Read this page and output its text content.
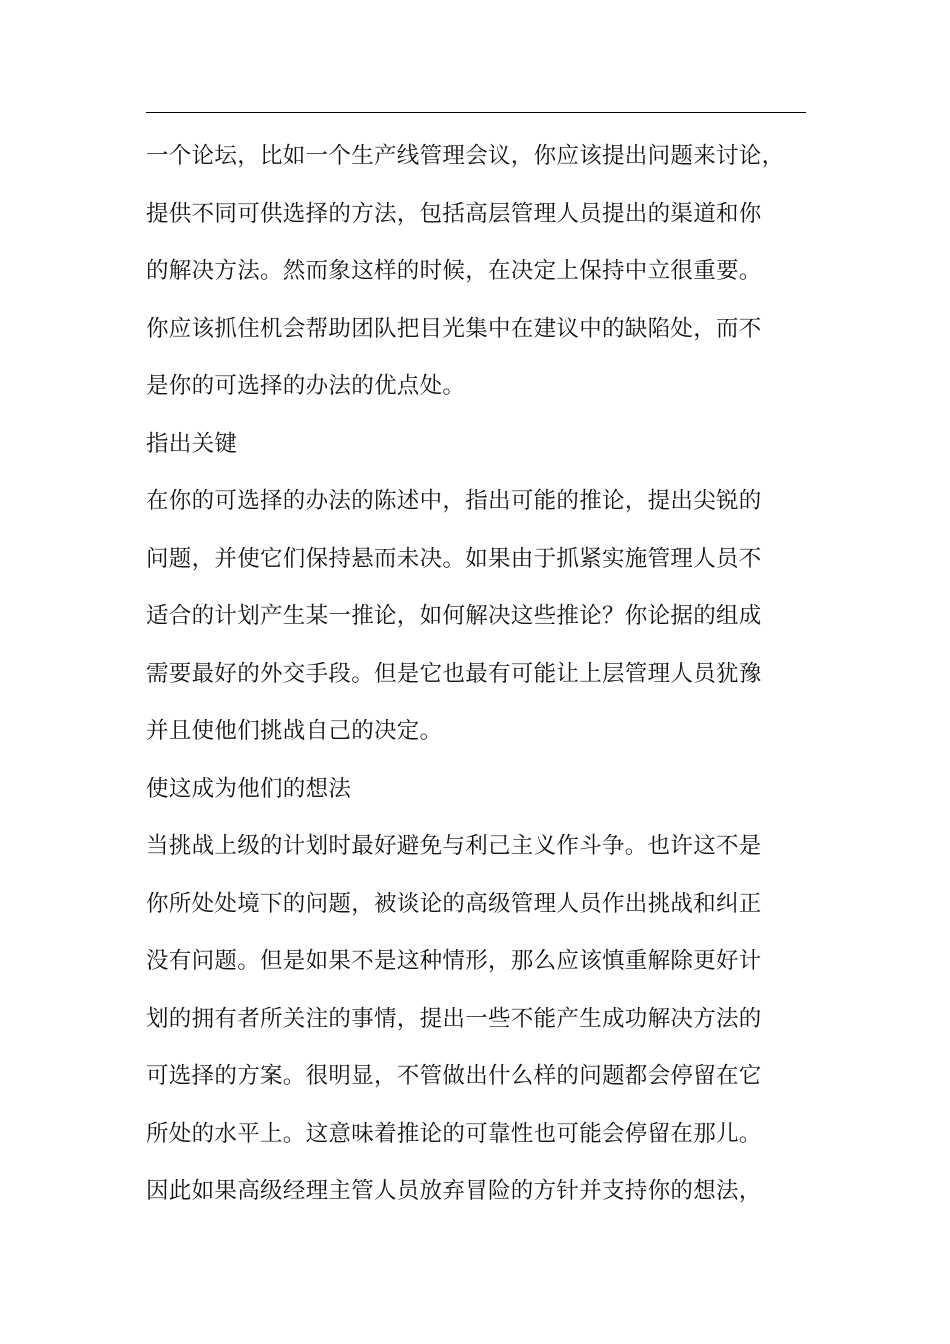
一个论坛，比如一个生产线管理会议，你应该提出问题来讨论，
提供不同可供选择的方法，包括高层管理人员提出的渠道和你
的解决方法。然而象这样的时候，在决定上保持中立很重要。
你应该抓住机会帮助团队把目光集中在建议中的缺陷处，而不
是你的可选择的办法的优点处。
指出关键
在你的可选择的办法的陈述中，指出可能的推论，提出尖锐的
问题，并使它们保持悬而未决。如果由于抓紧实施管理人员不
适合的计划产生某一推论，如何解决这些推论？你论据的组成
需要最好的外交手段。但是它也最有可能让上层管理人员犹豫
并且使他们挑战自己的决定。
使这成为他们的想法
当挑战上级的计划时最好避免与利己主义作斗争。也许这不是
你所处处境下的问题，被谈论的高级管理人员作出挑战和纠正
没有问题。但是如果不是这种情形，那么应该慎重解除更好计
划的拥有者所关注的事情，提出一些不能产生成功解决方法的
可选择的方案。很明显，不管做出什么样的问题都会停留在它
所处的水平上。这意味着推论的可靠性也可能会停留在那儿。
因此如果高级经理主管人员放弃冒险的方针并支持你的想法，
